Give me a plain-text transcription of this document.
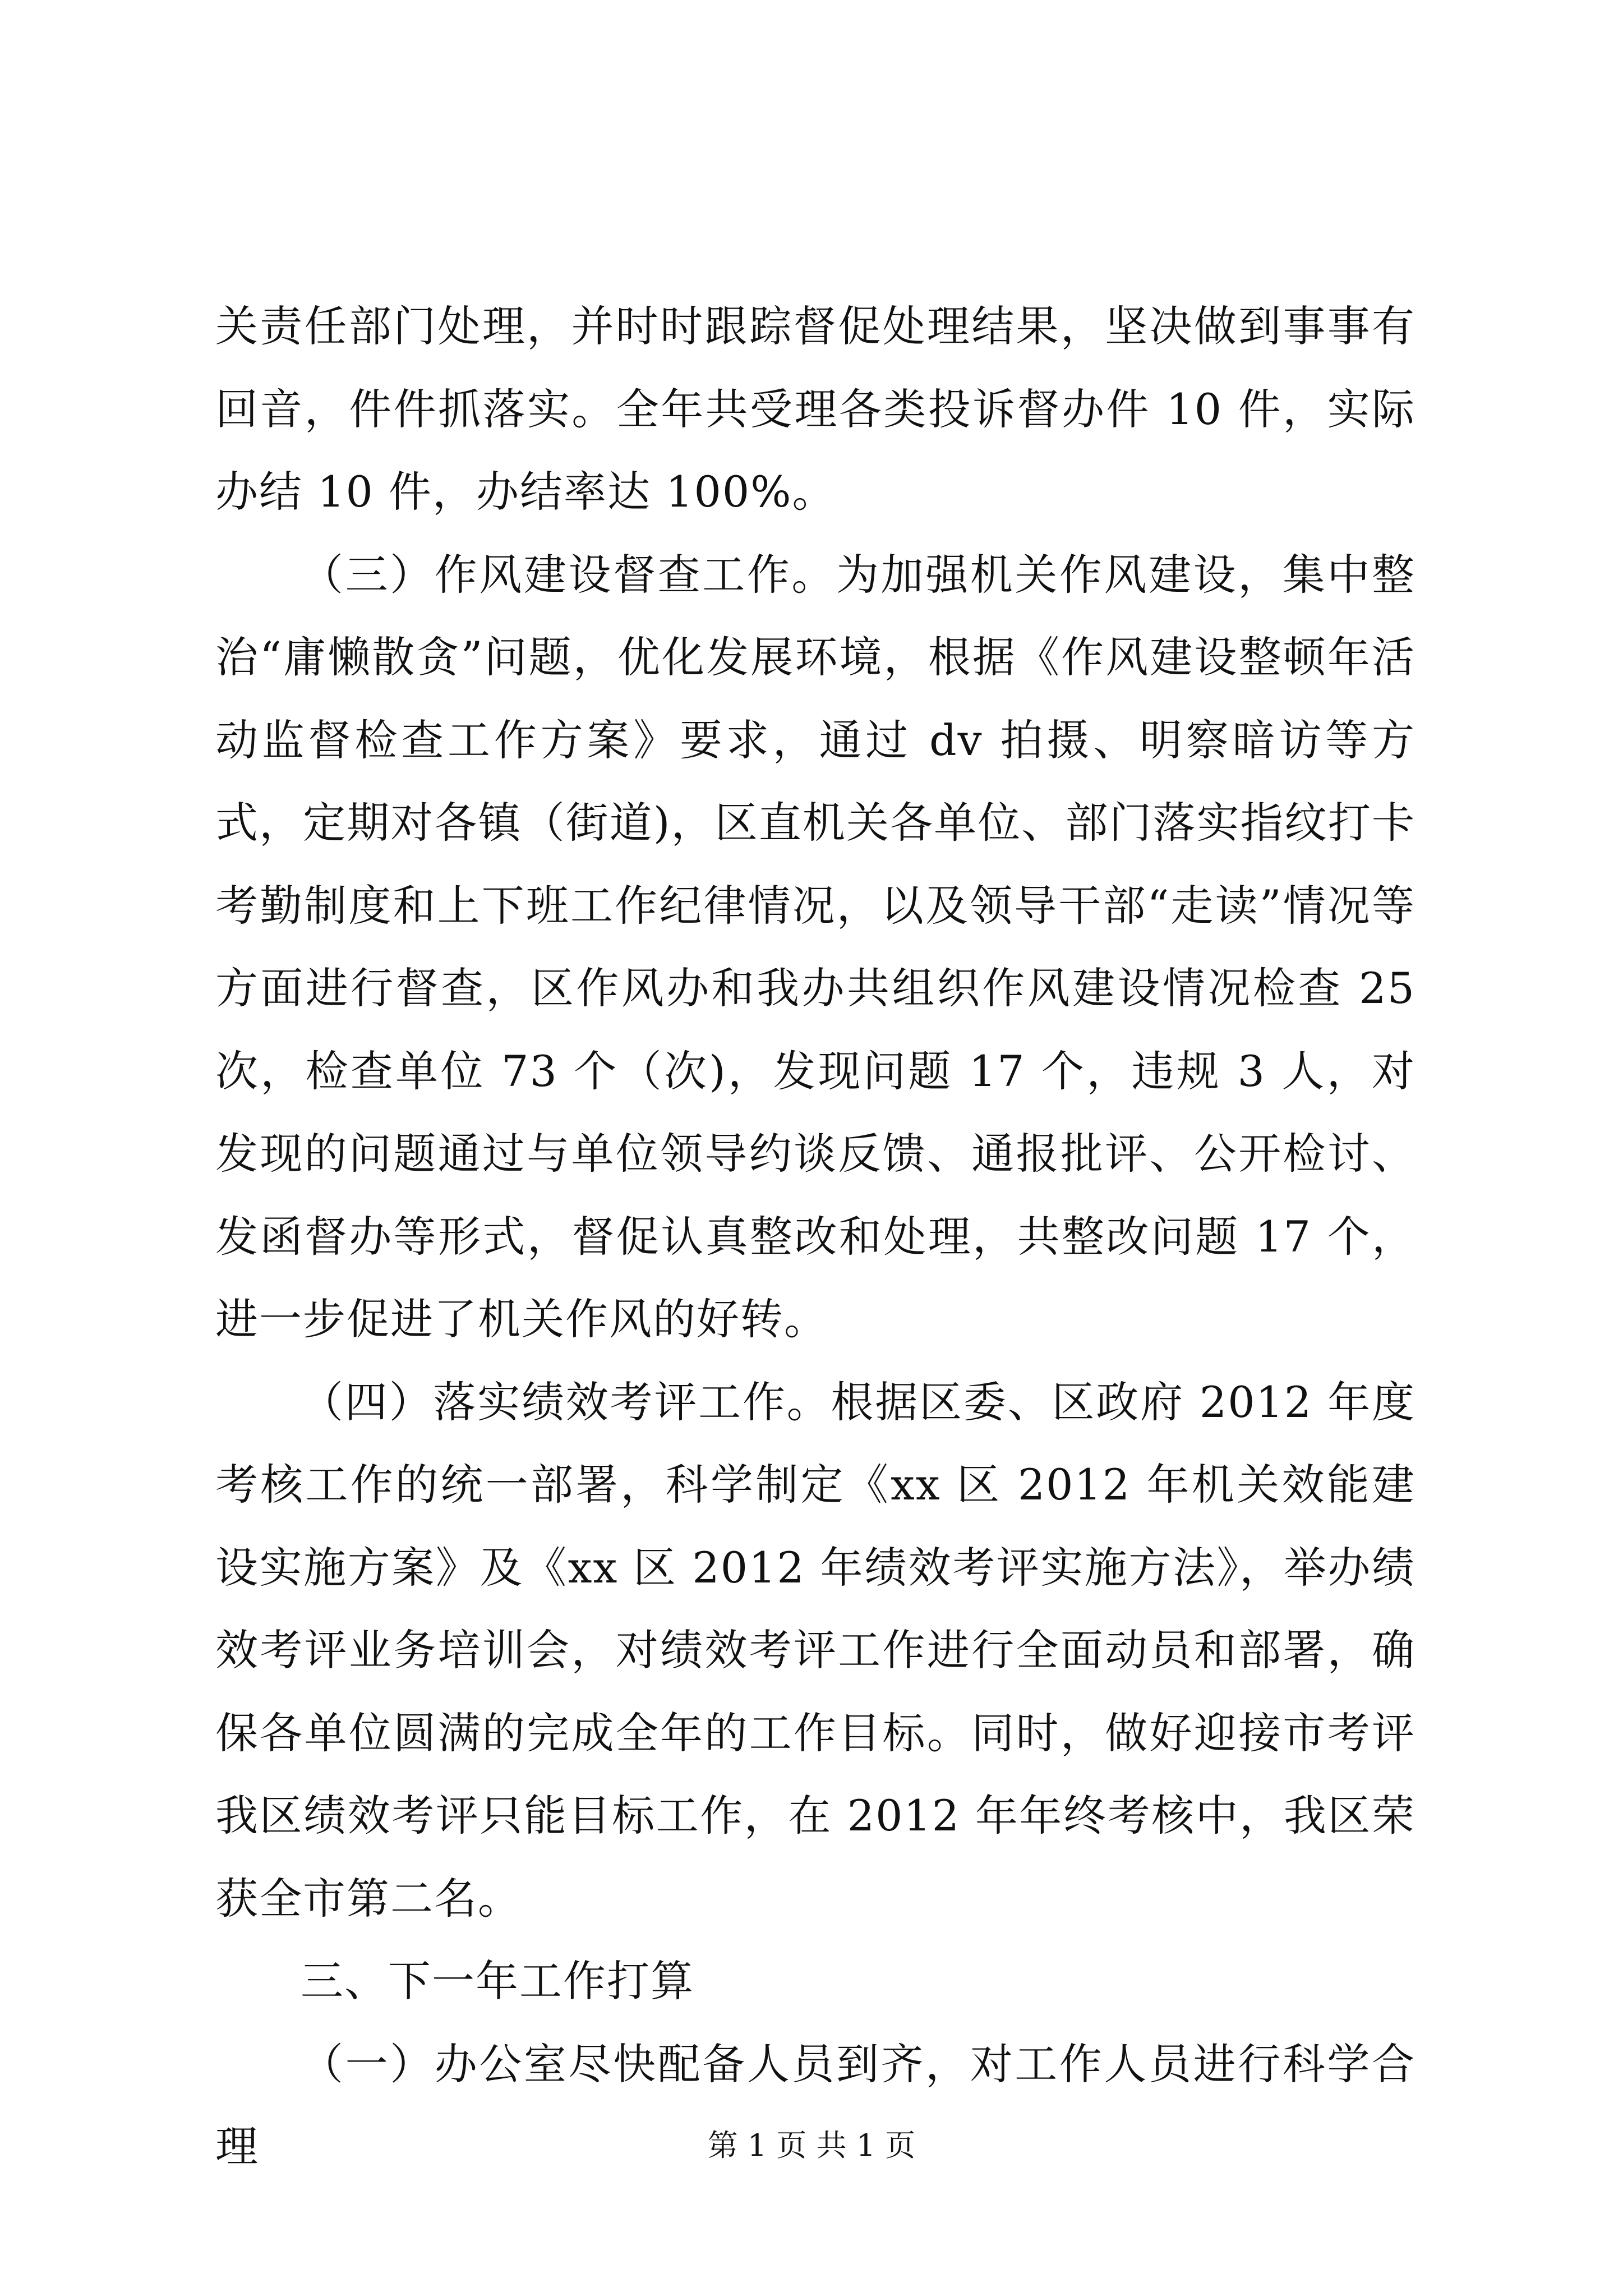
关责任部门处理，并时时跟踪督促处理结果，坚决做到事事有回音，件件抓落实。全年共受理各类投诉督办件 10 件，实际办结 10 件，办结率达 100%。

（三）作风建设督查工作。为加强机关作风建设，集中整治“庸懒散贪”问题，优化发展环境，根据《作风建设整顿年活动监督检查工作方案》要求，通过 dv 拍摄、明察暗访等方式，定期对各镇（街道)，区直机关各单位、部门落实指纹打卡考勤制度和上下班工作纪律情况，以及领导干部“走读”情况等方面进行督查，区作风办和我办共组织作风建设情况检查 25 次，检查单位 73 个（次)，发现问题 17 个，违规 3 人，对发现的问题通过与单位领导约谈反馈、通报批评、公开检讨、发函督办等形式，督促认真整改和处理，共整改问题 17 个，进一步促进了机关作风的好转。

（四）落实绩效考评工作。根据区委、区政府 2012 年度考核工作的统一部署，科学制定《xx 区 2012 年机关效能建设实施方案》及《xx 区 2012 年绩效考评实施方法》，举办绩效考评业务培训会，对绩效考评工作进行全面动员和部署，确保各单位圆满的完成全年的工作目标。同时，做好迎接市考评我区绩效考评只能目标工作，在 2012 年年终考核中，我区荣获全市第二名。

三、下一年工作打算

（一）办公室尽快配备人员到齐，对工作人员进行科学合理	第 1 页 共 1 页
